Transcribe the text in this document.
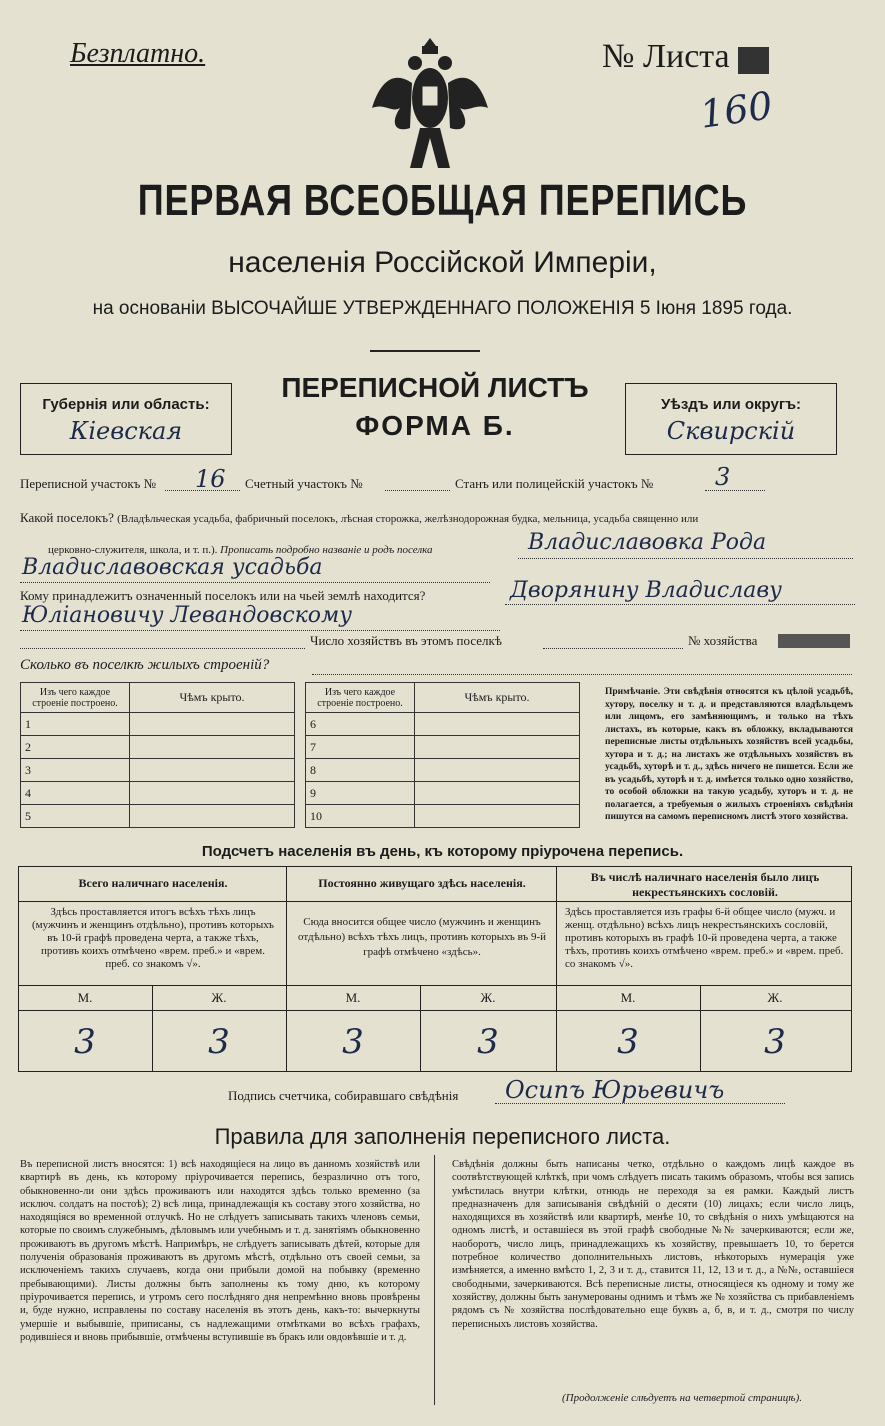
Безплатно.	№ Листа 11
160
ПЕРВАЯ ВСЕОБЩАЯ ПЕРЕПИСЬ
населенія Россійской Имперіи,
на основаніи ВЫСОЧАЙШЕ УТВЕРЖДЕННАГО ПОЛОЖЕНІЯ 5 Іюня 1895 года.
Губернія или область:
Кіевская
ПЕРЕПИСНОЙ ЛИСТЪ
ФОРМА Б.
Уѣздъ или округъ:
Сквирскій
Переписной участокъ № 16 Счетный участокъ №	Станъ или полицейскій участокъ №	3
Какой поселокъ? (Владѣльческая усадьба, фабричный поселокъ, лѣсная сторожка, желѣзнодорожная будка, мельница, усадьба священно или
церковно-служителя, школа, и т. п.). Прописать подробно названіе и родъ поселка	Владиславовка Рода
Владиславовская усадьба
Кому принадлежитъ означенный поселокъ или на чьей землѣ находится?	Дворянину Владиславу
Юліановичу Левандовскому
Число хозяйствъ въ этомъ поселкѣ	№ хозяйства
Сколько въ поселкѣ жилыхъ строеній?
Изъ чего каждое строеніе построено.	Чѣмъ крыто.
1	
2	
3	
4	
5	
Изъ чего каждое строеніе построено.	Чѣмъ крыто.
6	
7	
8	
9	
10	
Примѣчаніе. Эти свѣдѣнія относятся къ цѣлой усадьбѣ, хутору, поселку и т. д. и представляются владѣльцемъ или лицомъ, его замѣняющимъ, и только на тѣхъ листахъ, въ которые, какъ въ обложку, вкладываются переписные листы отдѣльныхъ хозяйствъ всей усадьбы, хутора и т. д.; на листахъ же отдѣльныхъ хозяйствъ въ усадьбѣ, хуторѣ и т. д., здѣсь ничего не пишется. Если же въ усадьбѣ, хуторѣ и т. д. имѣется только одно хозяйство, то особой обложки на такую усадьбу, хуторъ и т. д. не полагается, а требуемыя о жилыхъ строеніяхъ свѣдѣнія пишутся на самомъ переписномъ листѣ этого хозяйства.
Подсчетъ населенія въ день, къ которому пріурочена перепись.
Всего наличнаго населенія.	Постоянно живущаго здѣсь населенія.	Въ числѣ наличнаго населенія было лицъ некрестьянскихъ сословій.
Здѣсь проставляется итогъ всѣхъ тѣхъ лицъ (мужчинъ и женщинъ отдѣльно), противъ которыхъ въ 10-й графѣ проведена черта, а также тѣхъ, противъ коихъ отмѣчено «врем. преб.» и «врем. преб. со знакомъ √».
Сюда вносится общее число (мужчинъ и женщинъ отдѣльно) всѣхъ тѣхъ лицъ, противъ которыхъ въ 9-й графѣ отмѣчено «здѣсь».
Здѣсь проставляется изъ графы 6-й общее число (мужч. и женщ. отдѣльно) всѣхъ лицъ некрестьянскихъ сословій, противъ которыхъ въ графѣ 10-й проведена черта, а также тѣхъ, противъ коихъ отмѣчено «врем. преб.» и «врем. преб. со знакомъ √».
М.	Ж.	М.	Ж.	М.	Ж.
3	3	3	3	3	3
Подпись счетчика, собиравшаго свѣдѣнія Осипъ Юрьевичъ
Правила для заполненія переписного листа.
Въ переписной листъ вносятся: 1) всѣ находящіеся на лицо въ данномъ хозяйствѣ или квартирѣ въ день, къ которому пріурочивается перепись, безразлично отъ того, обыкновенно-ли они здѣсь проживаютъ или находятся здѣсь только временно (за исключ. солдатъ на постоѣ); 2) всѣ лица, принадлежащія къ составу этого хозяйства, но находящіяся во временной отлучкѣ. Но не слѣдуетъ записывать такихъ членовъ семьи, которые по своимъ служебнымъ, дѣловымъ или учебнымъ и т. д. занятіямъ обыкновенно проживаютъ въ другомъ мѣстѣ. Напримѣръ, не слѣдуетъ записывать дѣтей, которые для полученія образованія проживаютъ въ другомъ мѣстѣ, отдѣльно отъ своей семьи, за исключеніемъ такихъ случаевъ, когда они прибыли домой на побывку (временно пребывающими). Листы должны быть заполнены къ тому дню, къ которому пріурочивается перепись, и утромъ сего послѣдняго дня непремѣнно вновь провѣрены и, буде нужно, исправлены по составу населенія въ этотъ день, какъ-то: вычеркнуты умершіе и выбывшіе, приписаны, съ надлежащими отмѣтками во всѣхъ графахъ, родившіеся и вновь прибывшіе, отмѣчены вступившіе въ бракъ или овдовѣвшіе и т. д.
Свѣдѣнія должны быть написаны четко, отдѣльно о каждомъ лицѣ каждое въ соотвѣтствующей клѣткѣ, при чомъ слѣдуетъ писать такимъ образомъ, чтобы вся запись умѣстилась внутри клѣтки, отнюдь не переходя за ея рамки. Каждый листъ предназначенъ для записыванія свѣдѣній о десяти (10) лицахъ; если число лицъ, находящихся въ хозяйствѣ или квартирѣ, менѣе 10, то свѣдѣнія о нихъ умѣщаются на одномъ листѣ, и оставшіеся въ этой графѣ свободные №№ зачеркиваются; если же, наоборотъ, число лицъ, принадлежащихъ къ хозяйству, превышаетъ 10, то берется потребное количество дополнительныхъ листовъ, нѣкоторыхъ нумерація уже измѣняется, а именно вмѣсто 1, 2, 3 и т. д., ставится 11, 12, 13 и т. д., а №№, оставшіеся свободными, зачеркиваются. Всѣ переписные листы, относящіеся къ одному и тому же хозяйству, должны быть занумерованы однимъ и тѣмъ же № хозяйства съ прибавленіемъ рядомъ съ № хозяйства послѣдовательно еще буквъ а, б, в, и т. д., смотря по числу переписныхъ листовъ хозяйства.
(Продолженіе слѣдуетъ на четвертой страницѣ).
